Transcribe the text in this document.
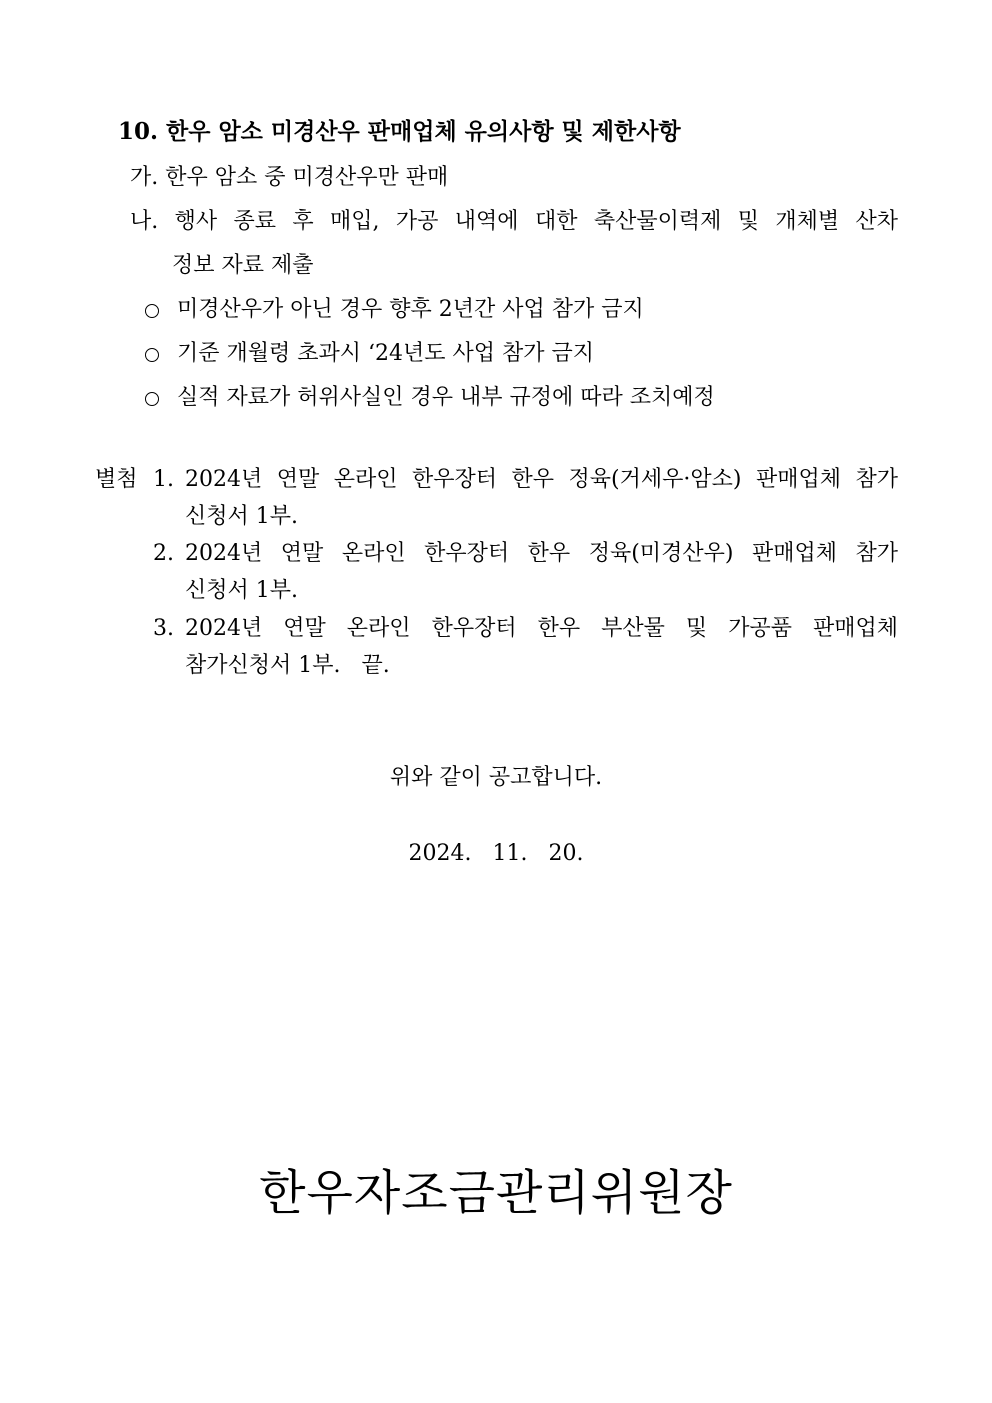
10. 한우 암소 미경산우 판매업체 유의사항 및 제한사항
가. 한우 암소 중 미경산우만 판매
나. 행사 종료 후 매입, 가공 내역에 대한 축산물이력제 및 개체별 산차
정보 자료 제출
미경산우가 아닌 경우 향후 2년간 사업 참가 금지
기준 개월령 초과시 ‘24년도 사업 참가 금지
실적 자료가 허위사실인 경우 내부 규정에 따라 조치예정
별첨 1. 2024년 연말 온라인 한우장터 한우 정육(거세우·암소) 판매업체 참가
신청서 1부.
2. 2024년 연말 온라인 한우장터 한우 정육(미경산우) 판매업체 참가
신청서 1부.
3. 2024년 연말 온라인 한우장터 한우 부산물 및 가공품 판매업체
참가신청서 1부.   끝.
위와 같이 공고합니다.
2024.   11.   20.
한우자조금관리위원장
